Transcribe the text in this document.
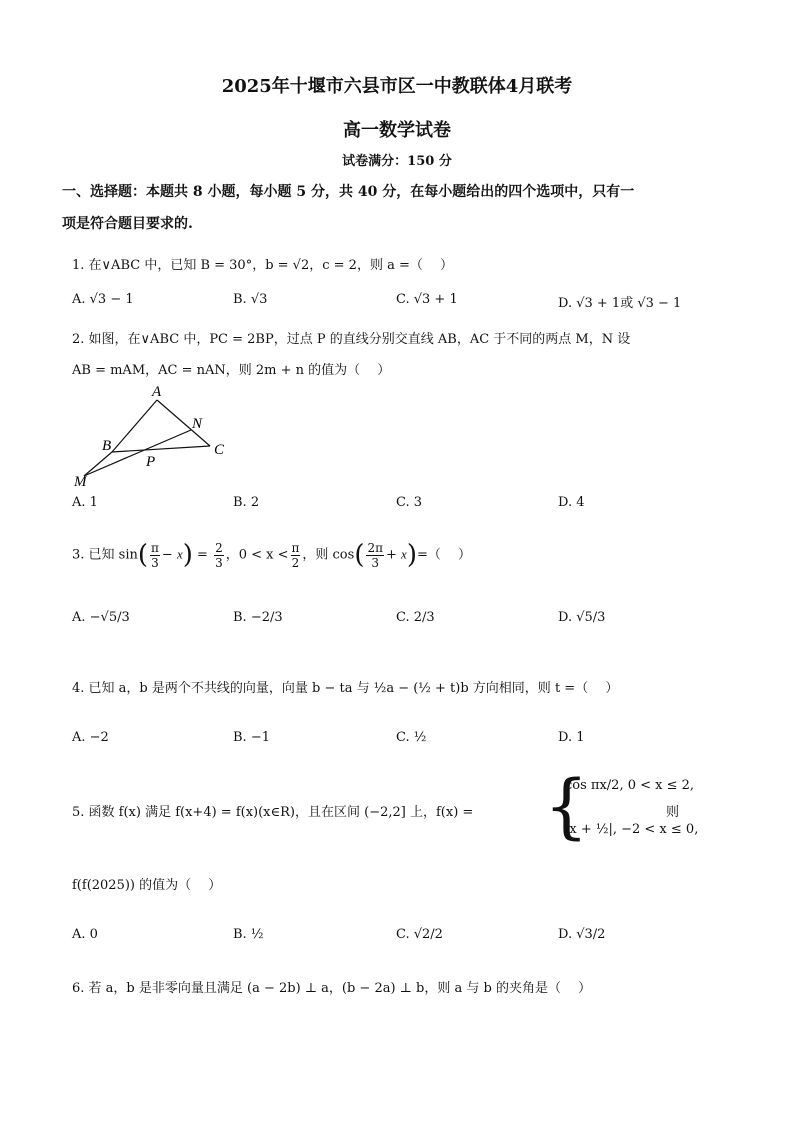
2025年十堰市六县市区一中教联体4月联考
高一数学试卷
试卷满分：150 分
一、选择题：本题共 8 小题，每小题 5 分，共 40 分，在每小题给出的四个选项中，只有一
项是符合题目要求的.
1. 在∨ABC 中，已知 B = 30°，b = √2，c = 2，则 a =（　 ）
A. √3 − 1	B. √3	C. √3 + 1	D. √3 + 1或 √3 − 1
2. 如图，在∨ABC 中，PC = 2BP，过点 P 的直线分别交直线 AB，AC 于不同的两点 M，N 设
AB = mAM，AC = nAN，则 2m + n 的值为（　 ）
A
B	C
N
P
M
A. 1	B. 2	C. 3	D. 4
3. 已知 $\sin( \frac{\pi}{3} - x) = \frac{2}{3}$ ，$0 < x < \frac{\pi}{2}$ ，则 $\cos( \frac{2\pi}{3} + x)=$（　 ）
A. −√5/3	B. −2/3	C. 2/3	D. √5/3
4. 已知 a，b 是两个不共线的向量，向量 b − ta 与 ½a − (½ + t)b 方向相同，则 t =（　 ）
A. −2	B. −1	C. ½	D. 1
5. 函数 f(x) 满足 f(x+4) = f(x)(x∈R)，且在区间 (−2,2] 上，f(x) =	{
cos πx/2, 0 < x ≤ 2,
|x + ½|, −2 < x ≤ 0,
则
f(f(2025)) 的值为（　 ）
A. 0	B. ½	C. √2/2	D. √3/2
6. 若 a，b 是非零向量且满足 (a − 2b) ⊥ a，(b − 2a) ⊥ b，则 a 与 b 的夹角是（　 ）
